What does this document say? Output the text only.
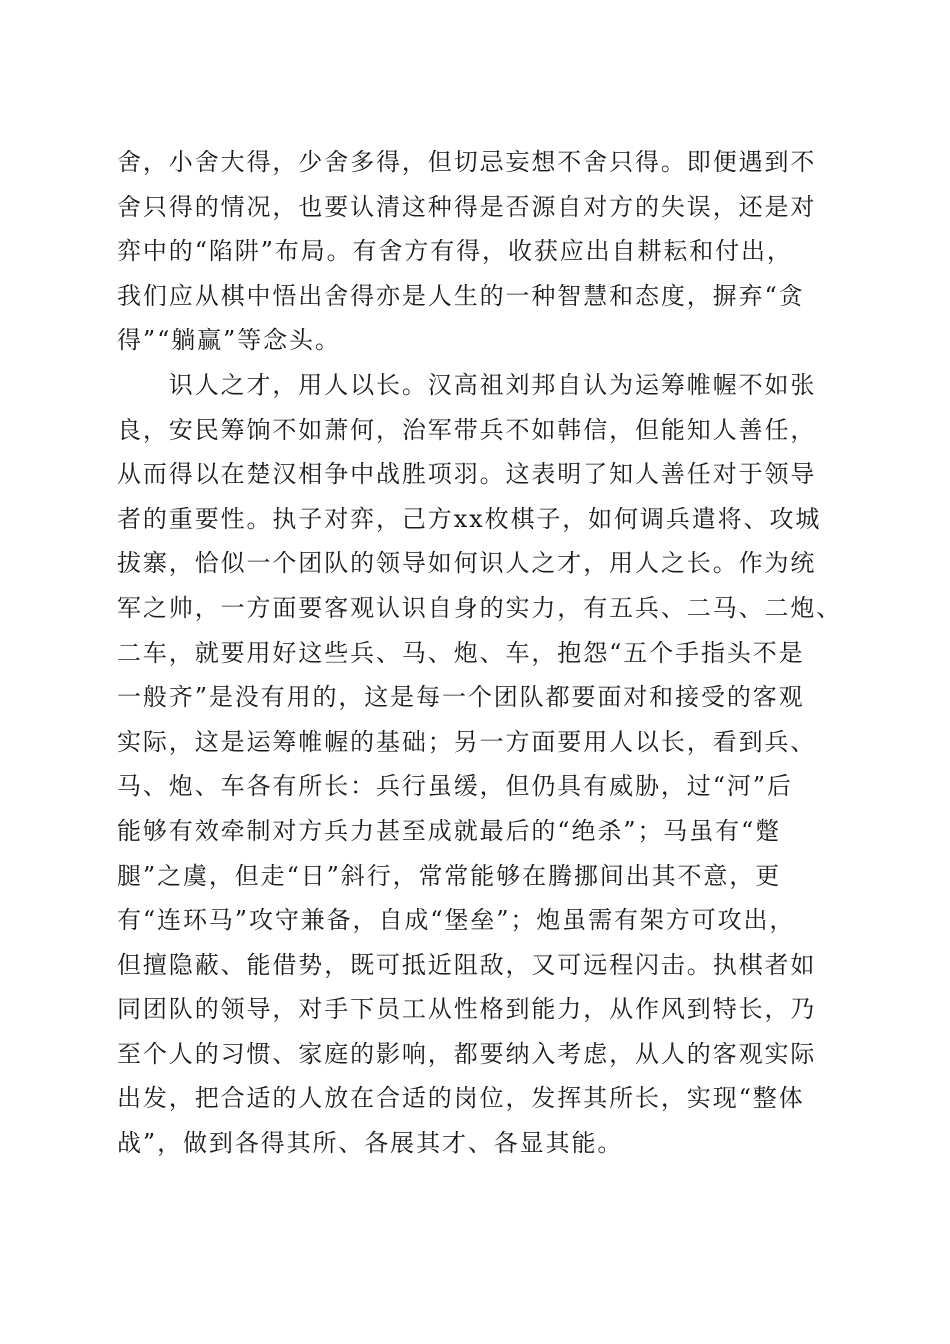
舍，小舍大得，少舍多得，但切忌妄想不舍只得。即便遇到不
舍只得的情况，也要认清这种得是否源自对方的失误，还是对
弈中的“陷阱”布局。有舍方有得，收获应出自耕耘和付出，
我们应从棋中悟出舍得亦是人生的一种智慧和态度，摒弃“贪
得”“躺赢”等念头。
　　识人之才，用人以长。汉高祖刘邦自认为运筹帷幄不如张
良，安民筹饷不如萧何，治军带兵不如韩信，但能知人善任，
从而得以在楚汉相争中战胜项羽。这表明了知人善任对于领导
者的重要性。执子对弈，己方xx枚棋子，如何调兵遣将、攻城
拔寨，恰似一个团队的领导如何识人之才，用人之长。作为统
军之帅，一方面要客观认识自身的实力，有五兵、二马、二炮、
二车，就要用好这些兵、马、炮、车，抱怨“五个手指头不是
一般齐”是没有用的，这是每一个团队都要面对和接受的客观
实际，这是运筹帷幄的基础；另一方面要用人以长，看到兵、
马、炮、车各有所长：兵行虽缓，但仍具有威胁，过“河”后
能够有效牵制对方兵力甚至成就最后的“绝杀”；马虽有“蹩
腿”之虞，但走“日”斜行，常常能够在腾挪间出其不意，更
有“连环马”攻守兼备，自成“堡垒”；炮虽需有架方可攻出，
但擅隐蔽、能借势，既可抵近阻敌，又可远程闪击。执棋者如
同团队的领导，对手下员工从性格到能力，从作风到特长，乃
至个人的习惯、家庭的影响，都要纳入考虑，从人的客观实际
出发，把合适的人放在合适的岗位，发挥其所长，实现“整体
战”，做到各得其所、各展其才、各显其能。
